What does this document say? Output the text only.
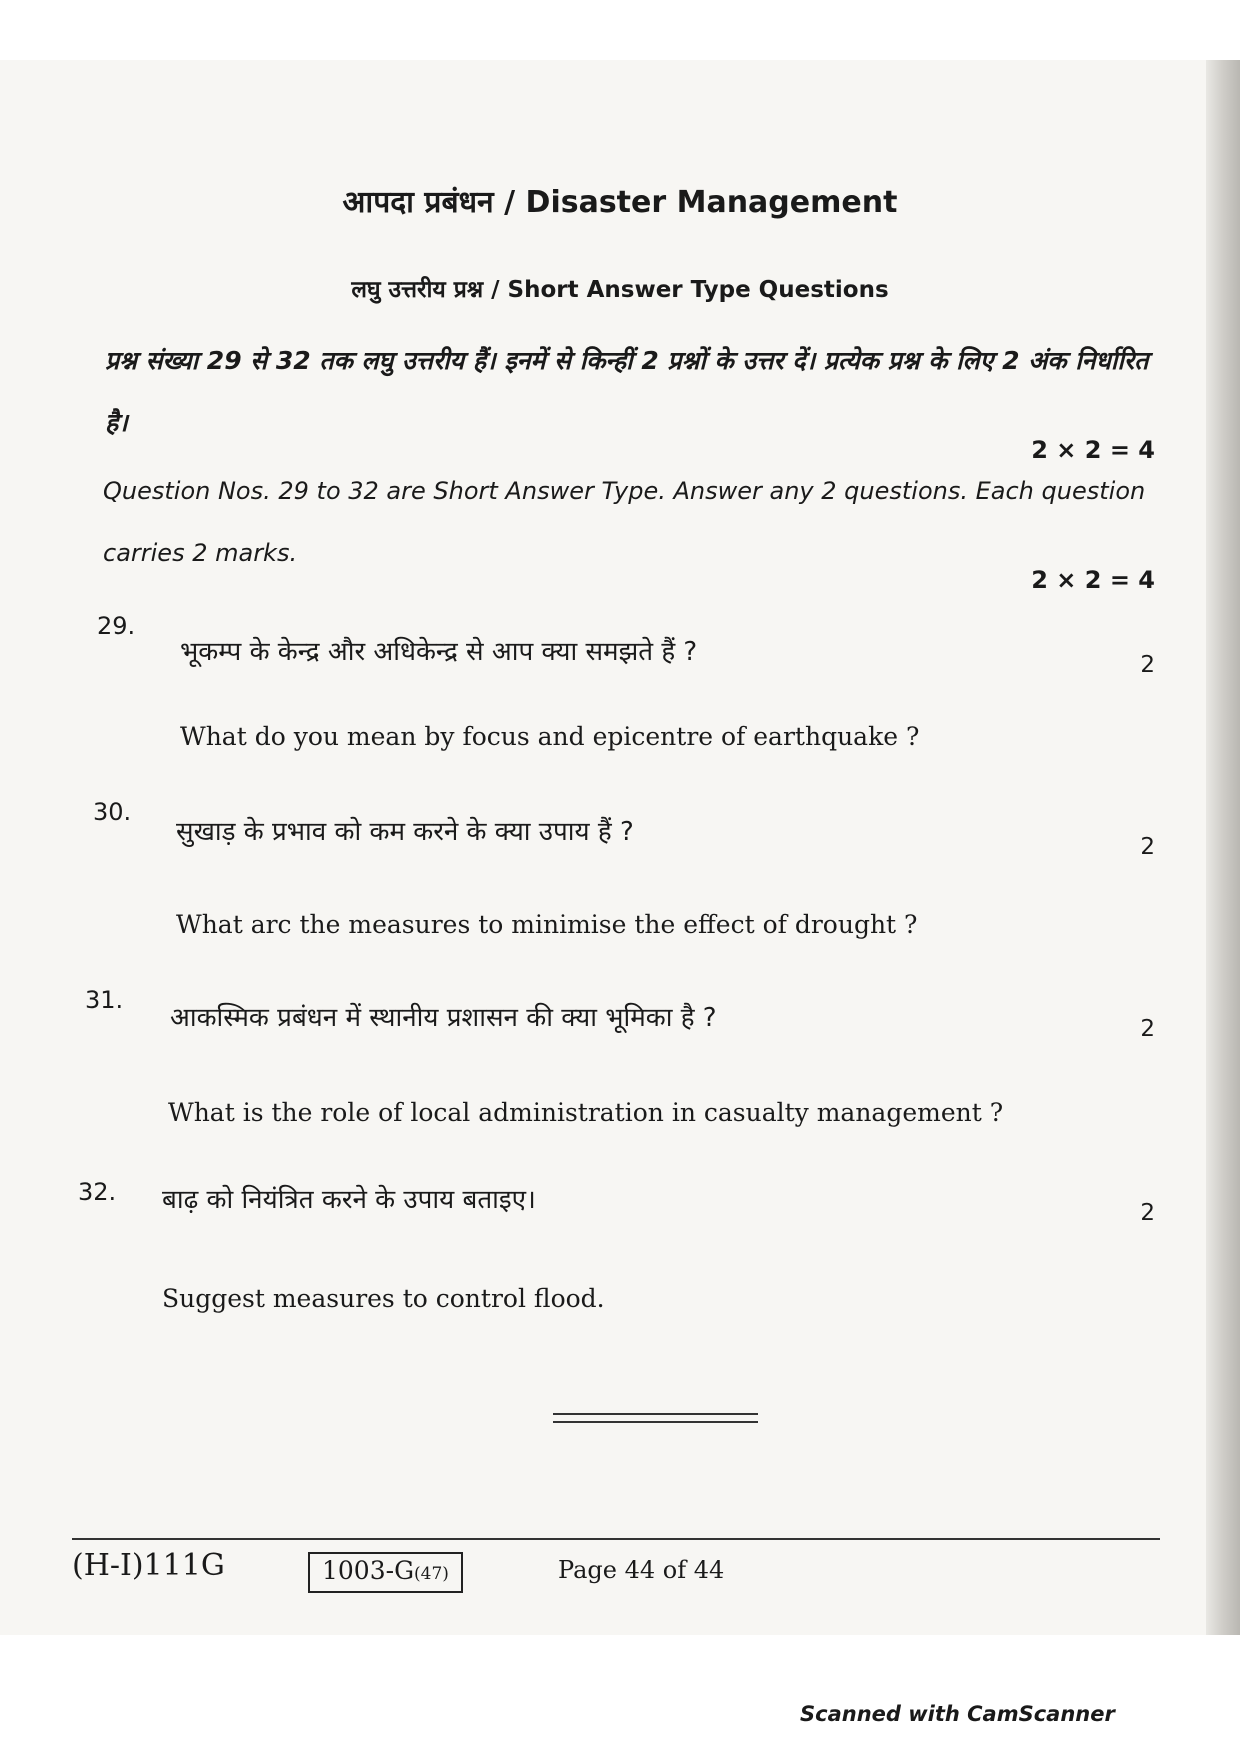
आपदा प्रबंधन / Disaster Management
लघु उत्तरीय प्रश्न / Short Answer Type Questions

प्रश्न संख्या 29 से 32 तक लघु उत्तरीय हैं। इनमें से किन्हीं 2 प्रश्नों के उत्तर दें। प्रत्येक प्रश्न के लिए 2 अंक निर्धारित है।

2 × 2 = 4

Question Nos. 29 to 32 are Short Answer Type. Answer any 2 questions. Each question carries 2 marks.

2 × 2 = 4
29.
भूकम्प के केन्द्र और अधिकेन्द्र से आप क्या समझते हैं ?	2
What do you mean by focus and epicentre of earthquake ?
30.
सुखाड़ के प्रभाव को कम करने के क्या उपाय हैं ?	2
What arc the measures to minimise the effect of drought ?
31.
आकस्मिक प्रबंधन में स्थानीय प्रशासन की क्या भूमिका है ?	2
What is the role of local administration in casualty management ?
32. बाढ़ को नियंत्रित करने के उपाय बताइए।	2
Suggest measures to control flood.
(H-I)111G	1003-G(47)	Page 44 of 44
Scanned with CamScanner
